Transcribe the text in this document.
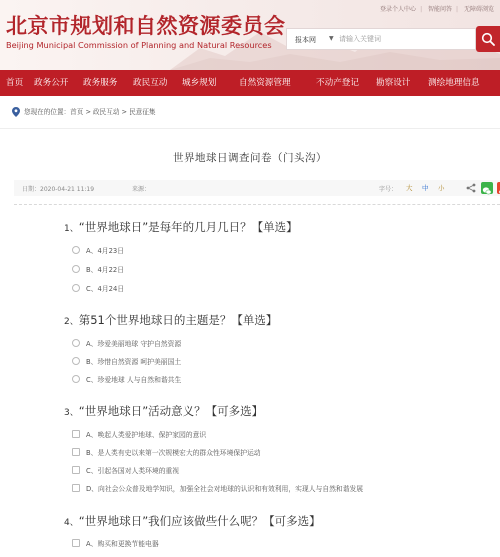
登录个人中心 | 智能问答 | 无障碍浏览
北京市规划和自然资源委员会
Beijing Municipal Commission of Planning and Natural Resources	报本网 ▼
请输入关键词
首页 政务公开 政务服务 政民互动 城乡规划	自然资源管理	不动产登记 勘察设计 测绘地理信息
您现在的位置：首页 > 政民互动 > 民意征集
世界地球日调查问卷（门头沟）
日期：2020-04-21 11:19	来源：	字号： 大 中 小
1、“世界地球日”是每年的几月几日？【单选】
A、4月23日
B、4月22日
C、4月24日
2、第51个世界地球日的主题是？【单选】
A、珍爱美丽地球 守护自然资源
B、珍惜自然资源 呵护美丽国土
C、珍爱地球 人与自然和谐共生
3、“世界地球日”活动意义？【可多选】
A、唤起人类爱护地球、保护家园的意识
B、是人类有史以来第一次规模宏大的群众性环境保护运动
C、引起各国对人类环境的重视
D、向社会公众普及地学知识，加强全社会对地球的认识和有效利用，实现人与自然和谐发展
4、“世界地球日”我们应该做些什么呢？【可多选】
A、购买和更换节能电器
